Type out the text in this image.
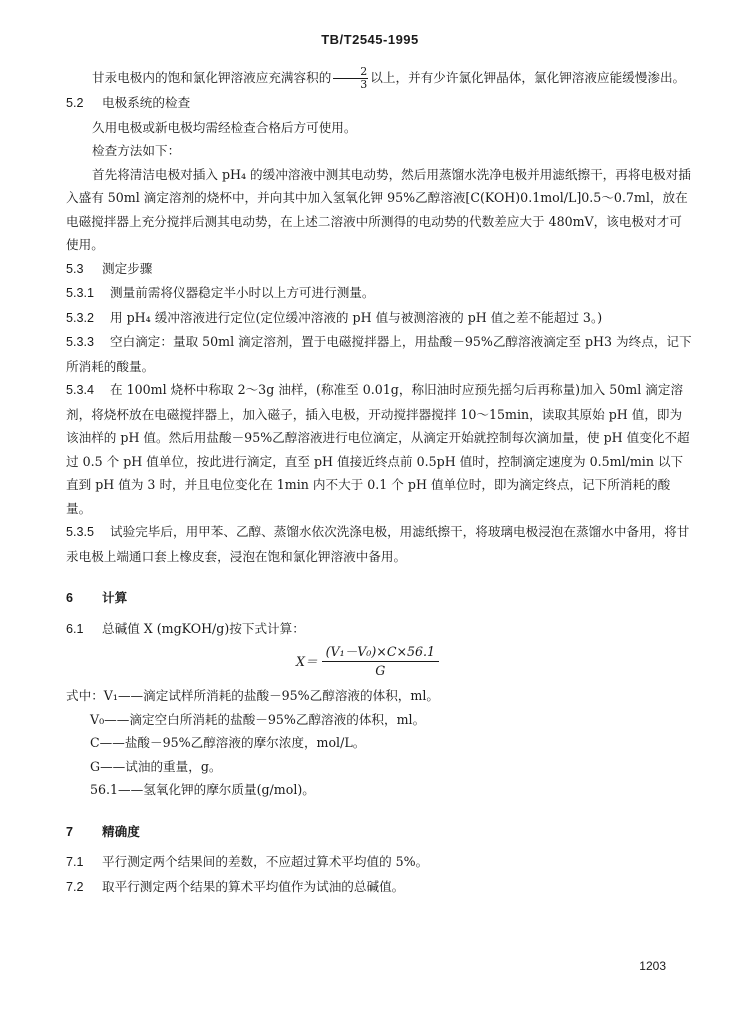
TB/T2545-1995

甘汞电极内的饱和氯化钾溶液应充满容积的 $\frac{2}{3}$ 以上，并有少许氯化钾晶体，氯化钾溶液应能缓慢渗出。

5.2 电极系统的检查

久用电极或新电极均需经检查合格后方可使用。

检查方法如下：

首先将清洁电极对插入 pH₄ 的缓冲溶液中测其电动势，然后用蒸馏水洗净电极并用滤纸擦干，再将电极对插入盛有 50ml 滴定溶剂的烧杯中，并向其中加入氢氧化钾 95%乙醇溶液[C(KOH)0.1mol/L]0.5～0.7ml，放在电磁搅拌器上充分搅拌后测其电动势，在上述二溶液中所测得的电动势的代数差应大于 480mV，该电极对才可使用。

5.3 测定步骤

5.3.1 测量前需将仪器稳定半小时以上方可进行测量。

5.3.2 用 pH₄ 缓冲溶液进行定位(定位缓冲溶液的 pH 值与被测溶液的 pH 值之差不能超过 3。)

5.3.3 空白滴定：量取 50ml 滴定溶剂，置于电磁搅拌器上，用盐酸－95%乙醇溶液滴定至 pH3 为终点，记下所消耗的酸量。

5.3.4 在 100ml 烧杯中称取 2～3g 油样，(称准至 0.01g，称旧油时应预先摇匀后再称量)加入 50ml 滴定溶剂，将烧杯放在电磁搅拌器上，加入磁子，插入电极，开动搅拌器搅拌 10～15min，读取其原始 pH 值，即为该油样的 pH 值。然后用盐酸－95%乙醇溶液进行电位滴定，从滴定开始就控制每次滴加量，使 pH 值变化不超过 0.5 个 pH 值单位，按此进行滴定，直至 pH 值接近终点前 0.5pH 值时，控制滴定速度为 0.5ml/min 以下直到 pH 值为 3 时，并且电位变化在 1min 内不大于 0.1 个 pH 值单位时，即为滴定终点，记下所消耗的酸量。

5.3.5 试验完毕后，用甲苯、乙醇、蒸馏水依次洗涤电极，用滤纸擦干，将玻璃电极浸泡在蒸馏水中备用，将甘汞电极上端通口套上橡皮套，浸泡在饱和氯化钾溶液中备用。

6 计算

6.1 总碱值 X (mgKOH/g)按下式计算：

$X= \frac{\text{(V₁－V₀)×C×56.1}}{G}$
式中：V₁——滴定试样所消耗的盐酸－95%乙醇溶液的体积，ml。
V₀——滴定空白所消耗的盐酸－95%乙醇溶液的体积，ml。
C——盐酸－95%乙醇溶液的摩尔浓度，mol/L。
G——试油的重量，g。
56.1——氢氧化钾的摩尔质量(g/mol)。

7 精确度

7.1 平行测定两个结果间的差数，不应超过算术平均值的 5%。

7.2 取平行测定两个结果的算术平均值作为试油的总碱值。

1203
